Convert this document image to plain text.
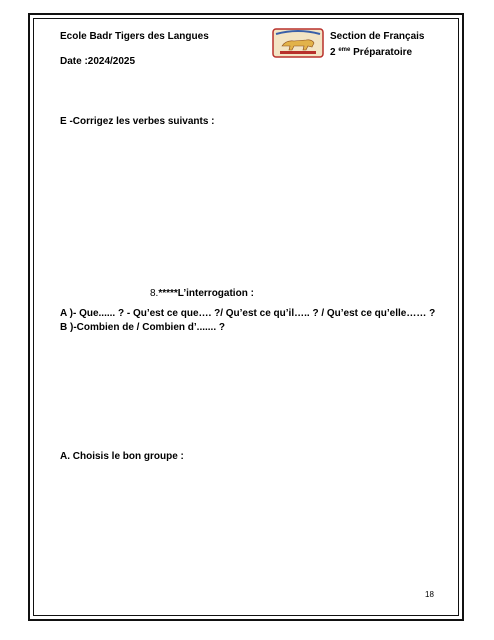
Ecole Badr Tigers des Langues
Date :2024/2025
Section de Français
2 $^{eme}$ Préparatoire
E -Corrigez les verbes suivants :
8.*****L’interrogation :
A )- Que...... ? - Qu’est ce que…. ?/ Qu’est ce qu’il….. ? / Qu’est ce qu’elle…… ?
B )-Combien de / Combien d’....... ?
A. Choisis le bon groupe :
18
